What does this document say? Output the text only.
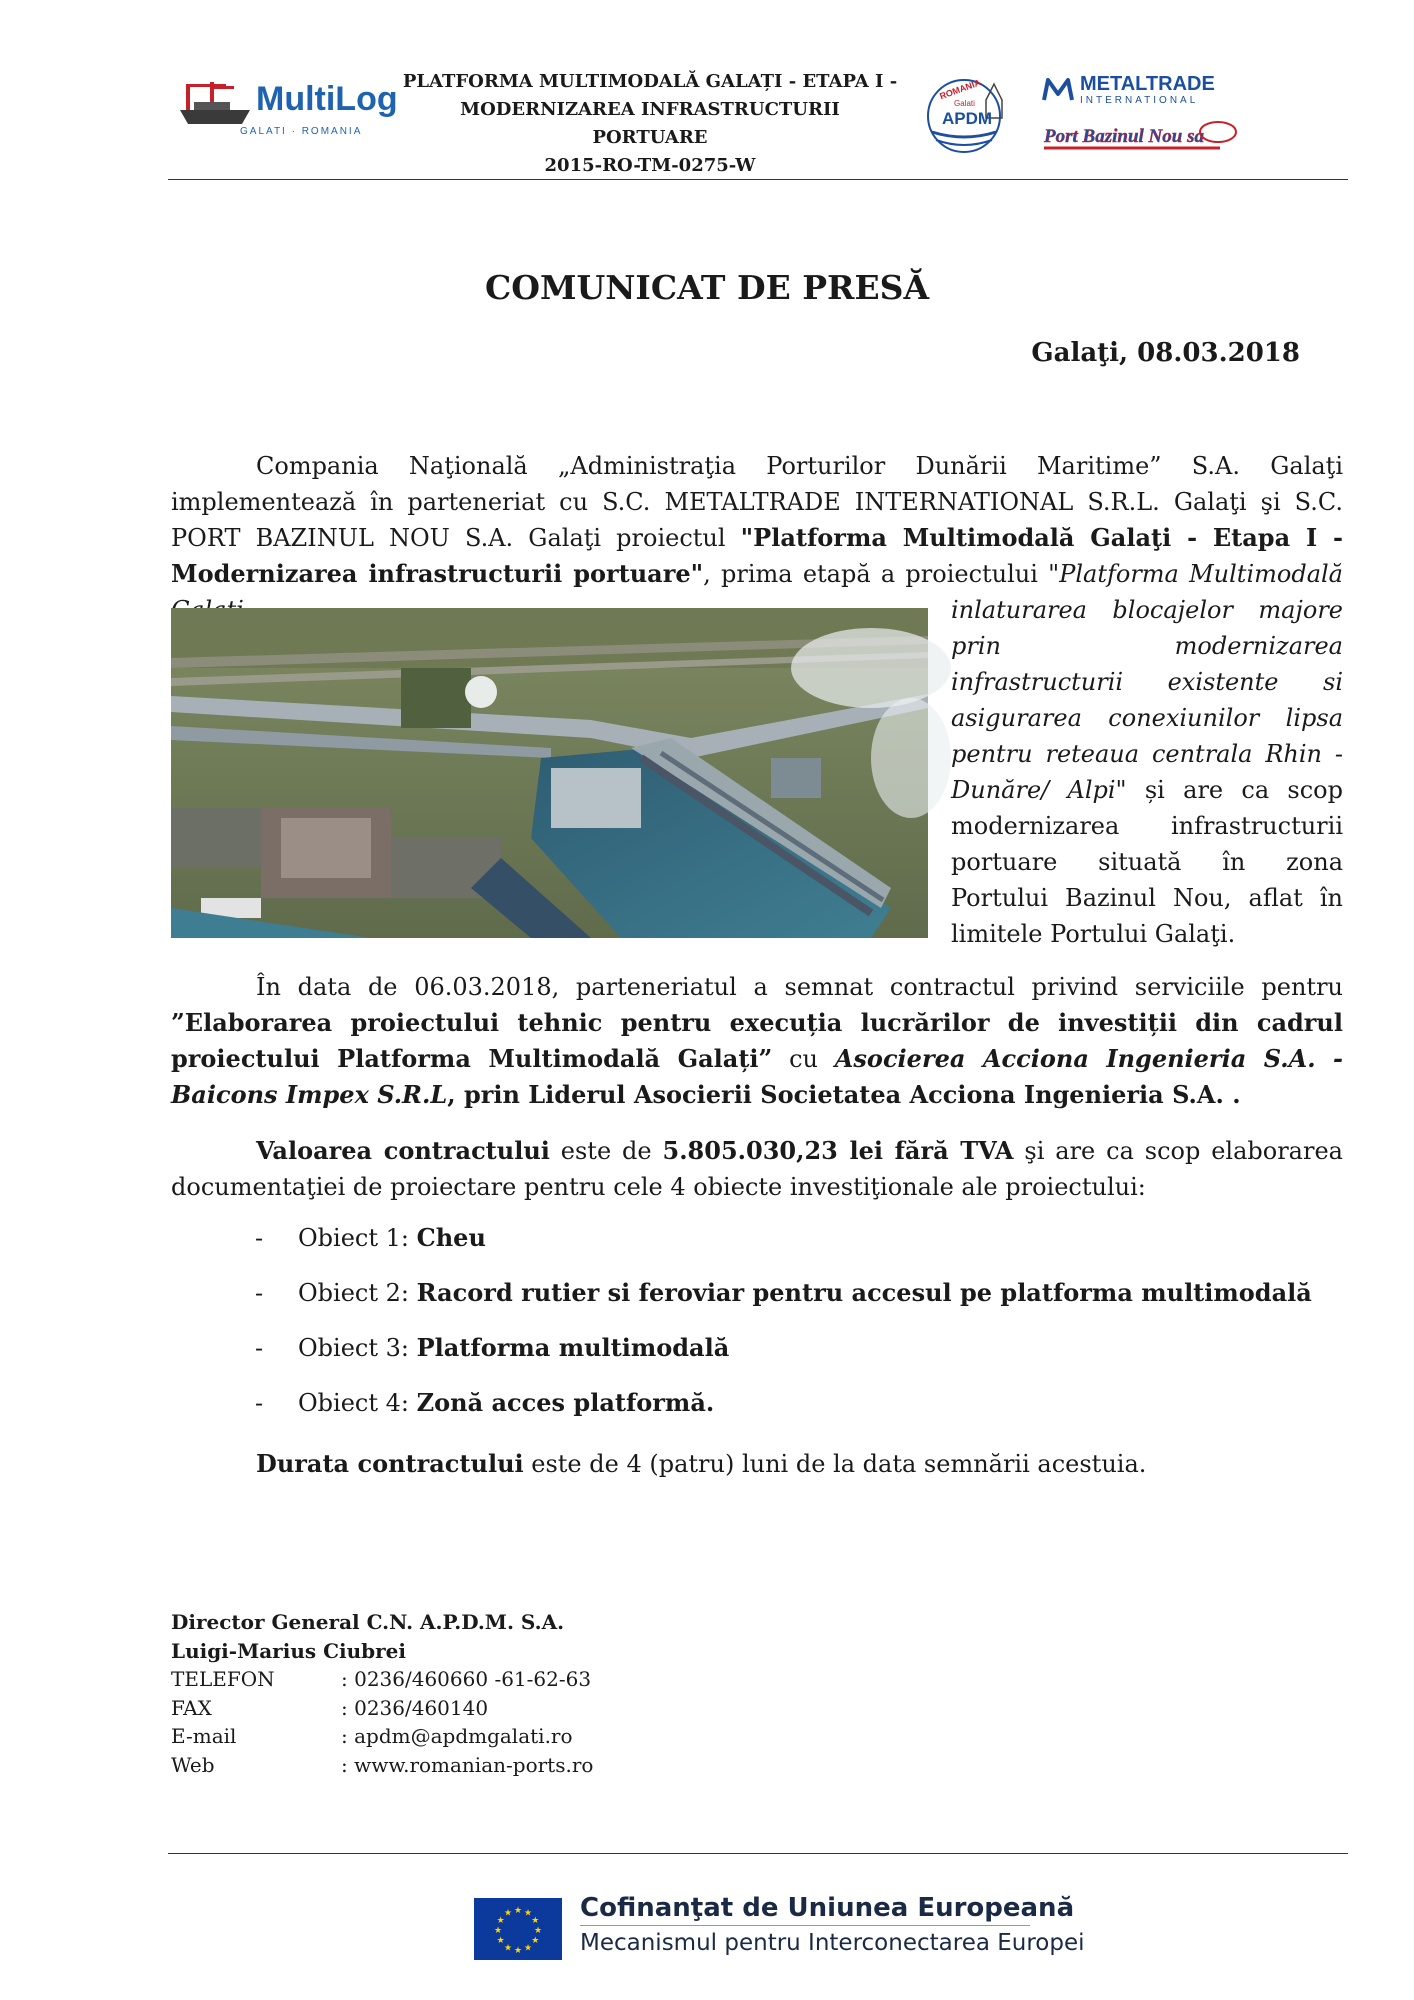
MultiLog
GALATI · ROMANIA
PLATFORMA MULTIMODALĂ GALAȚI - ETAPA I -
MODERNIZAREA INFRASTRUCTURII PORTUARE
2015-RO-TM-0275-W
ROMANIA
Galati
APDM
METALTRADE
INTERNATIONAL
Port Bazinul Nou sa
COMUNICAT DE PRESĂ
Galaţi, 08.03.2018
Compania Naţională „Administraţia Porturilor Dunării Maritime” S.A. Galaţi implementează în parteneriat cu S.C. METALTRADE INTERNATIONAL S.R.L. Galaţi şi S.C. PORT BAZINUL NOU S.A. Galaţi proiectul "Platforma Multimodală Galaţi - Etapa I - Modernizarea infrastructurii portuare", prima etapă a proiectului "Platforma Multimodală
inlaturarea blocajelor majore prin modernizarea infrastructurii existente si asigurarea conexiunilor lipsa pentru reteaua centrala Rhin - Dunăre/ Alpi" și are ca scop modernizarea infrastructurii portuare situată în zona Portului Bazinul Nou, aflat în limitele Portului Galaţi.
În data de 06.03.2018, parteneriatul a semnat contractul privind serviciile pentru ”Elaborarea proiectului tehnic pentru execuția lucrărilor de investiții din cadrul proiectului Platforma Multimodală Galați” cu Asocierea Acciona Ingenieria S.A. - Baicons Impex S.R.L, prin Liderul Asocierii Societatea Acciona Ingenieria S.A. .
Valoarea contractului este de 5.805.030,23 lei fără TVA şi are ca scop elaborarea documentaţiei de proiectare pentru cele 4 obiecte investiţionale ale proiectului:
- Obiect 1: Cheu
- Obiect 2: Racord rutier si feroviar pentru accesul pe platforma multimodală
- Obiect 3: Platforma multimodală
- Obiect 4: Zonă acces platformă.
Durata contractului este de 4 (patru) luni de la data semnării acestuia.
Director General C.N. A.P.D.M. S.A.
Luigi-Marius Ciubrei
TELEFON	: 0236/460660 -61-62-63
FAX	: 0236/460140
E-mail	: apdm@apdmgalati.ro
Web	: www.romanian-ports.ro
★
★
★
★
★
★
★
★
★ ★ ★
★ Cofinanţat de Uniunea Europeană
Mecanismul pentru Interconectarea Europei
